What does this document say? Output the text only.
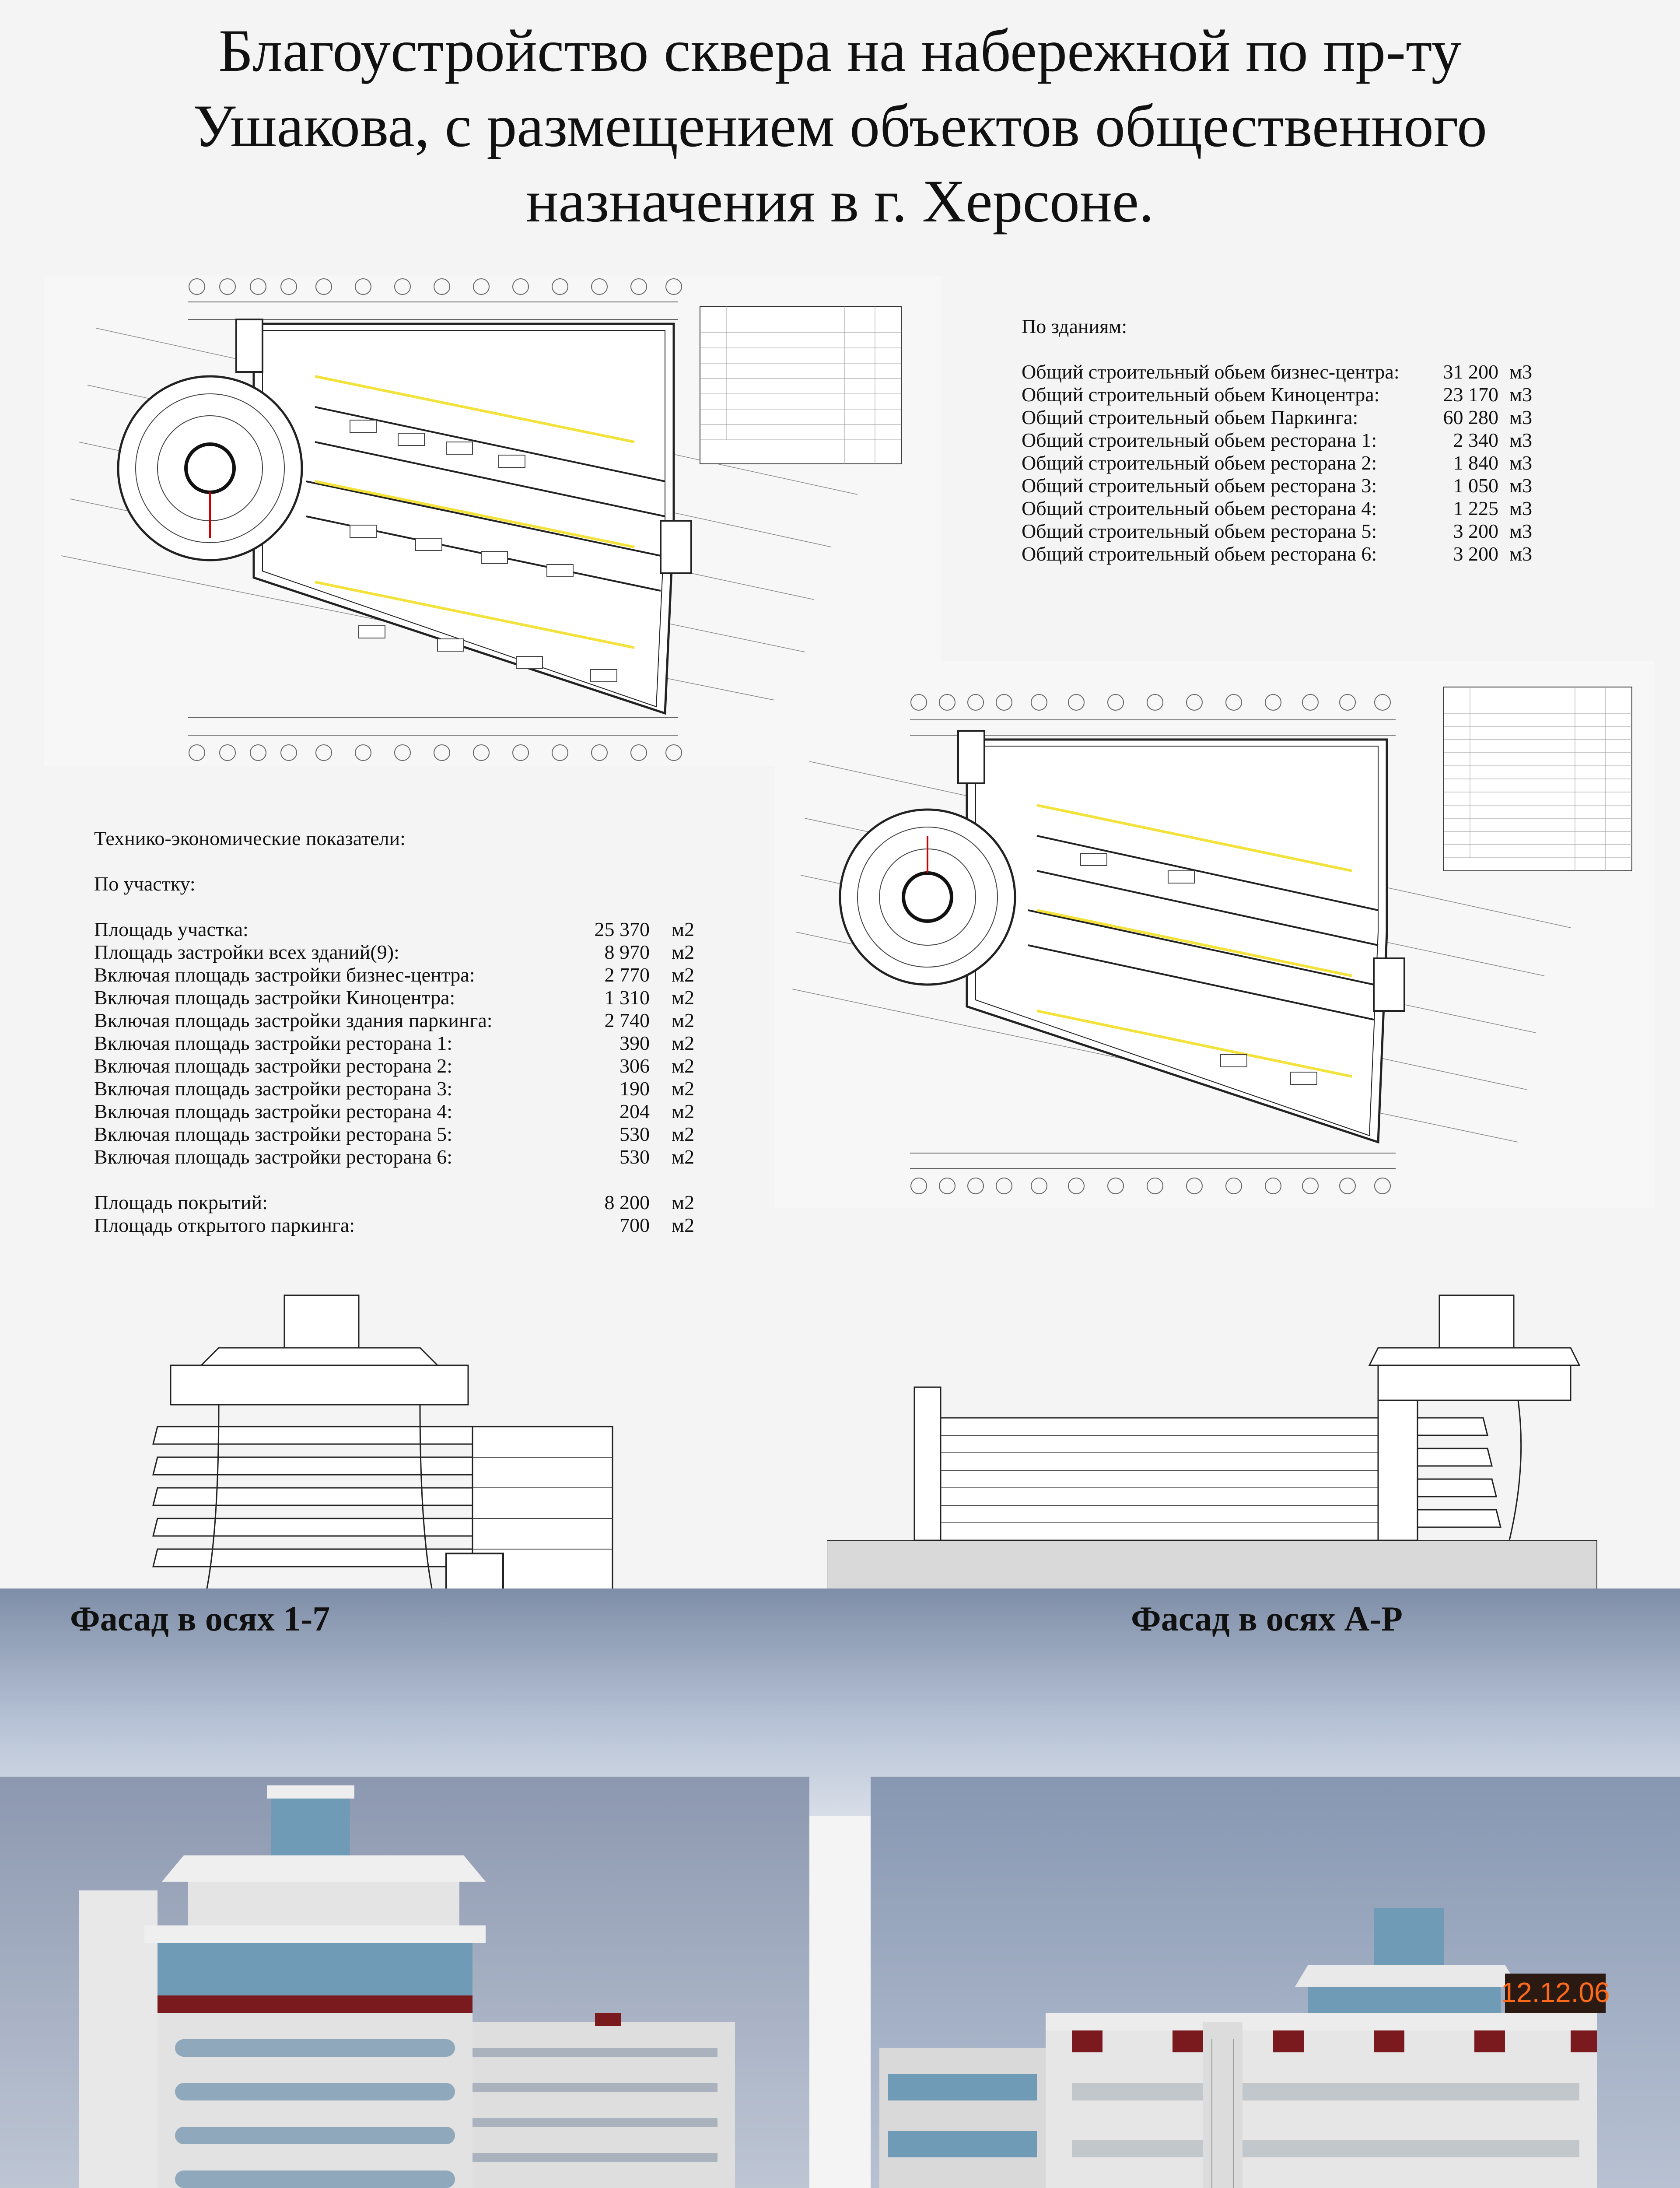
Благоустройство сквера на набережной по пр-ту
Ушакова, с размещением объектов общественного
назначения в г. Херсоне.
По зданиям:
Общий строительный обьем бизнес-центра:	31 200 м3
Общий строительный обьем Киноцентра:	23 170 м3
Общий строительный обьем Паркинга:	60 280 м3
Общий строительный обьем ресторана 1:	2 340 м3
Общий строительный обьем ресторана 2:	1 840 м3
Общий строительный обьем ресторана 3:	1 050 м3
Общий строительный обьем ресторана 4:	1 225 м3
Общий строительный обьем ресторана 5:	3 200 м3
Общий строительный обьем ресторана 6:	3 200 м3
Технико-экономические показатели:
По участку:
Площадь участка:	25 370 м2
Площадь застройки всех зданий(9):	8 970 м2
Включая площадь застройки бизнес-центра:	2 770 м2
Включая площадь застройки Киноцентра:	1 310 м2
Включая площадь застройки здания паркинга:	2 740 м2
Включая площадь застройки ресторана 1:	390 м2
Включая площадь застройки ресторана 2:	306 м2
Включая площадь застройки ресторана 3:	190 м2
Включая площадь застройки ресторана 4:	204 м2
Включая площадь застройки ресторана 5:	530 м2
Включая площадь застройки ресторана 6:	530 м2
Площадь покрытий:	8 200 м2
Площадь открытого паркинга:	700 м2
Фасад в осях 1-7	Фасад в осях А-Р
12.12.06
